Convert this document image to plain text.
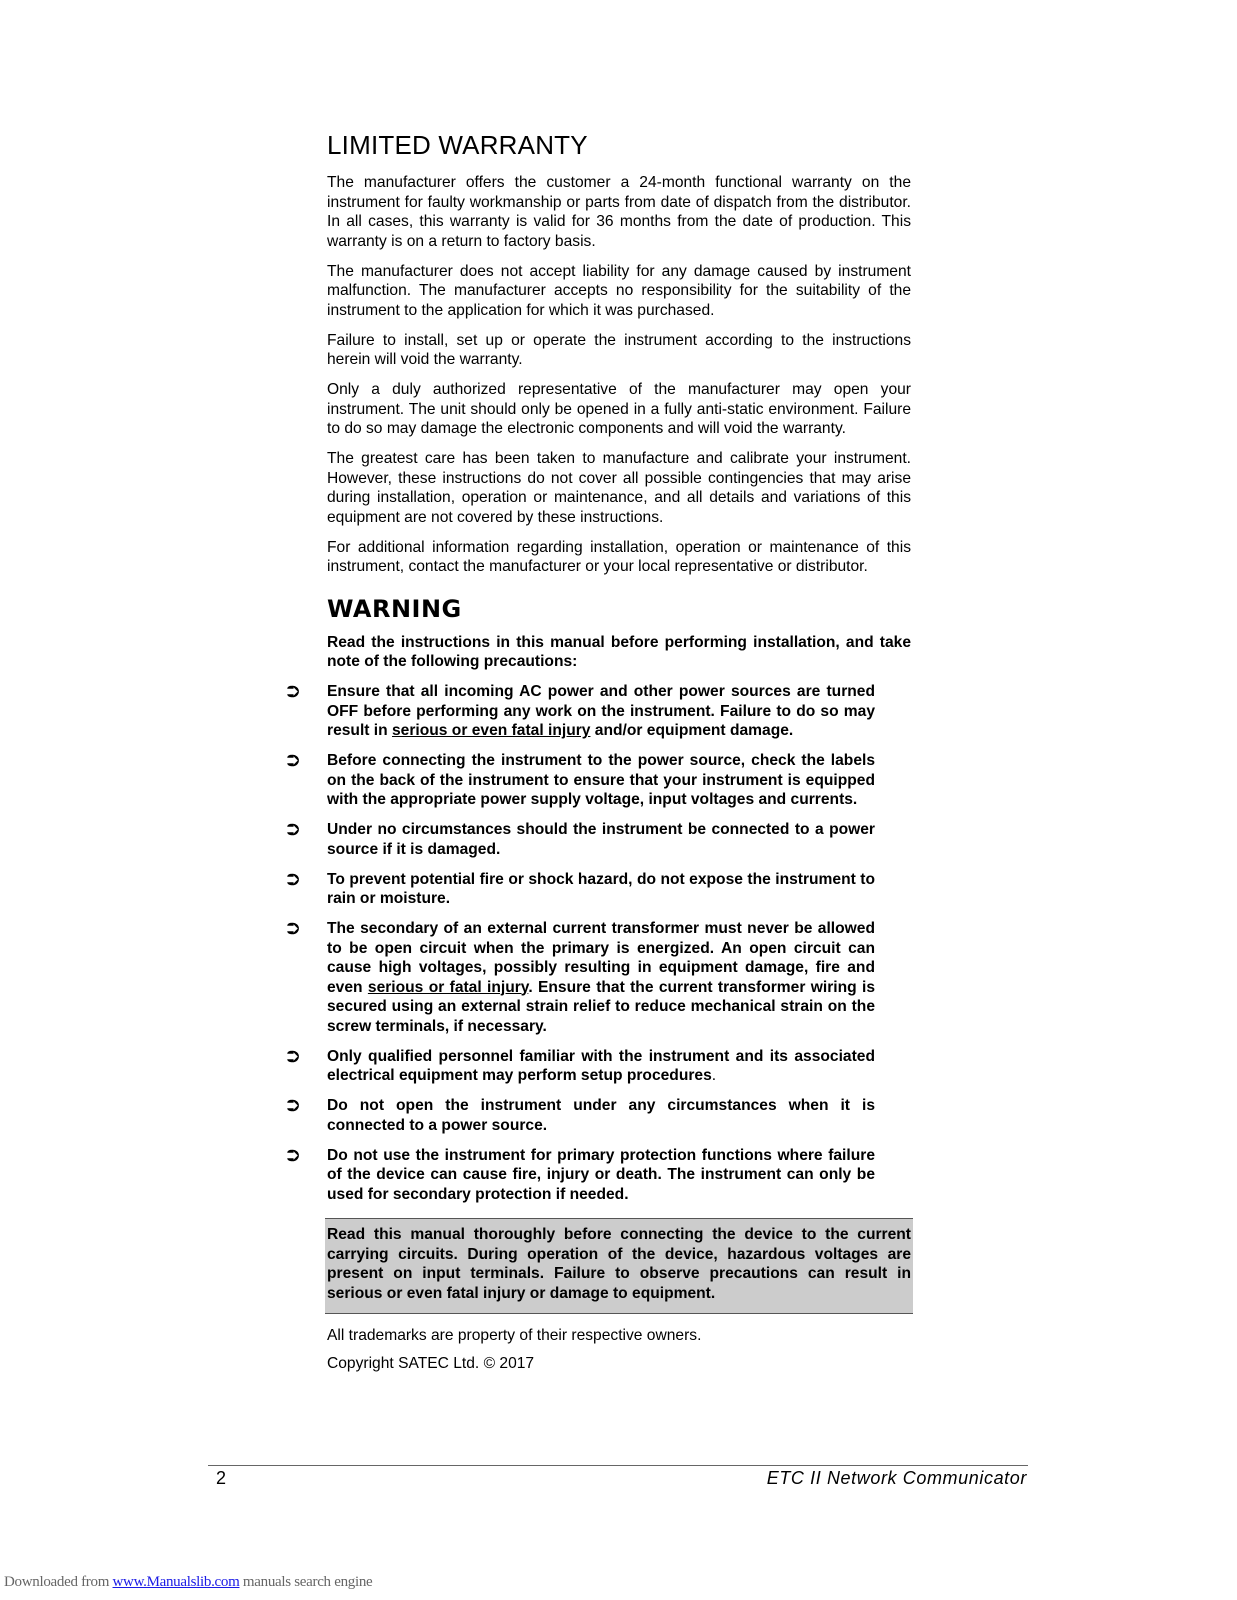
LIMITED WARRANTY

The manufacturer offers the customer a 24-month functional warranty on the instrument for faulty workmanship or parts from date of dispatch from the distributor. In all cases, this warranty is valid for 36 months from the date of production. This warranty is on a return to factory basis.

The manufacturer does not accept liability for any damage caused by instrument malfunction. The manufacturer accepts no responsibility for the suitability of the instrument to the application for which it was purchased.

Failure to install, set up or operate the instrument according to the instructions herein will void the warranty.

Only a duly authorized representative of the manufacturer may open your instrument. The unit should only be opened in a fully anti-static environment. Failure to do so may damage the electronic components and will void the warranty.

The greatest care has been taken to manufacture and calibrate your instrument. However, these instructions do not cover all possible contingencies that may arise during installation, operation or maintenance, and all details and variations of this equipment are not covered by these instructions.

For additional information regarding installation, operation or maintenance of this instrument, contact the manufacturer or your local representative or distributor.

WARNING

Read the instructions in this manual before performing installation, and take note of the following precautions:

⮊ Ensure that all incoming AC power and other power sources are turned OFF before performing any work on the instrument. Failure to do so may result in serious or even fatal injury and/or equipment damage.
⮊ Before connecting the instrument to the power source, check the labels on the back of the instrument to ensure that your instrument is equipped with the appropriate power supply voltage, input voltages and currents.
⮊ Under no circumstances should the instrument be connected to a power source if it is damaged.
⮊ To prevent potential fire or shock hazard, do not expose the instrument to rain or moisture.
⮊ The secondary of an external current transformer must never be allowed to be open circuit when the primary is energized. An open circuit can cause high voltages, possibly resulting in equipment damage, fire and even serious or fatal injury. Ensure that the current transformer wiring is secured using an external strain relief to reduce mechanical strain on the screw terminals, if necessary.
⮊ Only qualified personnel familiar with the instrument and its associated electrical equipment may perform setup procedures.
⮊ Do not open the instrument under any circumstances when it is connected to a power source.
⮊ Do not use the instrument for primary protection functions where failure of the device can cause fire, injury or death. The instrument can only be used for secondary protection if needed.
Read this manual thoroughly before connecting the device to the current carrying circuits. During operation of the device, hazardous voltages are present on input terminals. Failure to observe precautions can result in serious or even fatal injury or damage to equipment.

All trademarks are property of their respective owners.

Copyright SATEC Ltd. © 2017

2	ETC II Network Communicator
Downloaded from www.Manualslib.com manuals search engine
